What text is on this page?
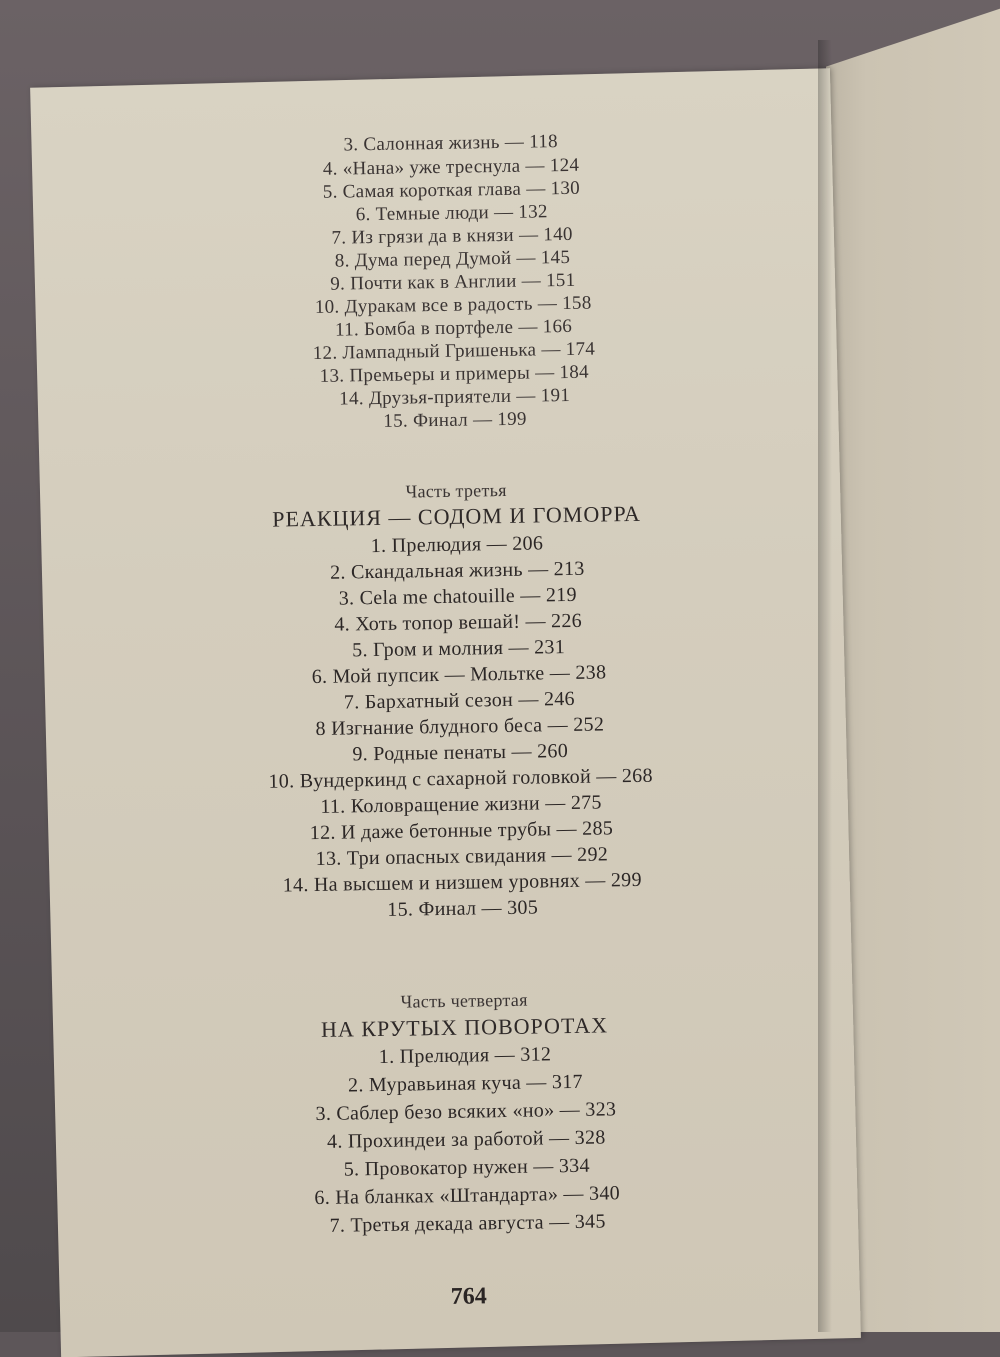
3. Салонная жизнь — 118
4. «Нана» уже треснула — 124
5. Самая короткая глава — 130
6. Темные люди — 132
7. Из грязи да в князи — 140
8. Дума перед Думой — 145
9. Почти как в Англии — 151
10. Дуракам все в радость — 158
11. Бомба в портфеле — 166
12. Лампадный Гришенька — 174
13. Премьеры и примеры — 184
14. Друзья-приятели — 191
15. Финал — 199
Часть третья
РЕАКЦИЯ — СОДОМ И ГОМОРРА
1. Прелюдия — 206
2. Скандальная жизнь — 213
3. Cela me chatouille — 219
4. Хоть топор вешай! — 226
5. Гром и молния — 231
6. Мой пупсик — Мольтке — 238
7. Бархатный сезон — 246
8 Изгнание блудного беса — 252
9. Родные пенаты — 260
10. Вундеркинд с сахарной головкой — 268
11. Коловращение жизни — 275
12. И даже бетонные трубы — 285
13. Три опасных свидания — 292
14. На высшем и низшем уровнях — 299
15. Финал — 305
Часть четвертая
НА КРУТЫХ ПОВОРОТАХ
1. Прелюдия — 312
2. Муравьиная куча — 317
3. Саблер безо всяких «но» — 323
4. Прохиндеи за работой — 328
5. Провокатор нужен — 334
6. На бланках «Штандарта» — 340
7. Третья декада августа — 345
764
